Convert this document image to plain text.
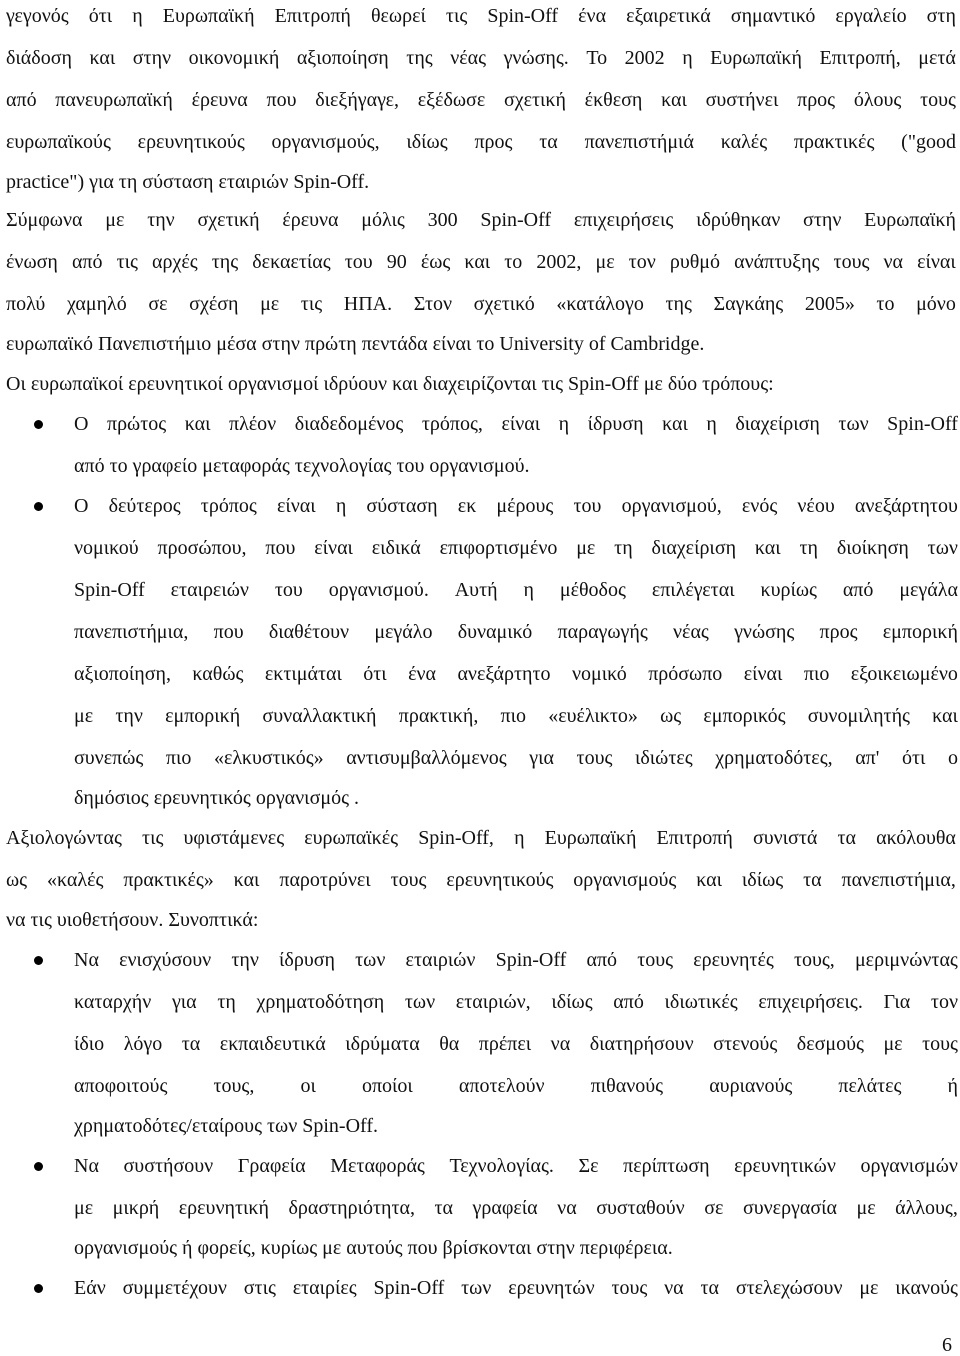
γεγονός ότι η Ευρωπαϊκή Επιτροπή θεωρεί τις Spin-Off ένα εξαιρετικά σημαντικό εργαλείο στη
διάδοση και στην οικονομική αξιοποίηση της νέας γνώσης. Το 2002 η Ευρωπαϊκή Επιτροπή, μετά
από πανευρωπαϊκή έρευνα που διεξήγαγε, εξέδωσε σχετική έκθεση και συστήνει προς όλους τους
ευρωπαϊκούς ερευνητικούς οργανισμούς, ιδίως προς τα πανεπιστήμιά καλές πρακτικές ("good
practice") για τη σύσταση εταιριών Spin-Off.
Σύμφωνα με την σχετική έρευνα μόλις 300 Spin-Off επιχειρήσεις ιδρύθηκαν στην Ευρωπαϊκή
ένωση από τις αρχές της δεκαετίας του 90 έως και το 2002, με τον ρυθμό ανάπτυξης τους να είναι
πολύ χαμηλό σε σχέση με τις ΗΠΑ. Στον σχετικό «κατάλογο της Σαγκάης 2005» το μόνο
ευρωπαϊκό Πανεπιστήμιο μέσα στην πρώτη πεντάδα είναι το University of Cambridge.
Οι ευρωπαϊκοί ερευνητικοί οργανισμοί ιδρύουν και διαχειρίζονται τις Spin-Off με δύο τρόπους:
Ο πρώτος και πλέον διαδεδομένος τρόπος, είναι η ίδρυση και η διαχείριση των Spin-Off
από το γραφείο μεταφοράς τεχνολογίας του οργανισμού.
Ο δεύτερος τρόπος είναι η σύσταση εκ μέρους του οργανισμού, ενός νέου ανεξάρτητου
νομικού προσώπου, που είναι ειδικά επιφορτισμένο με τη διαχείριση και τη διοίκηση των
Spin-Off εταιρειών του οργανισμού. Αυτή η μέθοδος επιλέγεται κυρίως από μεγάλα
πανεπιστήμια, που διαθέτουν μεγάλο δυναμικό παραγωγής νέας γνώσης προς εμπορική
αξιοποίηση, καθώς εκτιμάται ότι ένα ανεξάρτητο νομικό πρόσωπο είναι πιο εξοικειωμένο
με την εμπορική συναλλακτική πρακτική, πιο «ευέλικτο» ως εμπορικός συνομιλητής και
συνεπώς πιο «ελκυστικός» αντισυμβαλλόμενος για τους ιδιώτες χρηματοδότες, απ' ότι ο
δημόσιος ερευνητικός οργανισμός .
Αξιολογώντας τις υφιστάμενες ευρωπαϊκές Spin-Off, η Ευρωπαϊκή Επιτροπή συνιστά τα ακόλουθα
ως «καλές πρακτικές» και παροτρύνει τους ερευνητικούς οργανισμούς και ιδίως τα πανεπιστήμια,
να τις υιοθετήσουν. Συνοπτικά:
Να ενισχύσουν την ίδρυση των εταιριών Spin-Off από τους ερευνητές τους, μεριμνώντας
καταρχήν για τη χρηματοδότηση των εταιριών, ιδίως από ιδιωτικές επιχειρήσεις. Για τον
ίδιο λόγο τα εκπαιδευτικά ιδρύματα θα πρέπει να διατηρήσουν στενούς δεσμούς με τους
αποφοιτούς τους, οι οποίοι αποτελούν πιθανούς αυριανούς πελάτες ή
χρηματοδότες/εταίρους των Spin-Off.
Να συστήσουν Γραφεία Μεταφοράς Τεχνολογίας. Σε περίπτωση ερευνητικών οργανισμών
με μικρή ερευνητική δραστηριότητα, τα γραφεία να συσταθούν σε συνεργασία με άλλους,
οργανισμούς ή φορείς, κυρίως με αυτούς που βρίσκονται στην περιφέρεια.
Εάν συμμετέχουν στις εταιρίες Spin-Off των ερευνητών τους να τα στελεχώσουν με ικανούς
6
